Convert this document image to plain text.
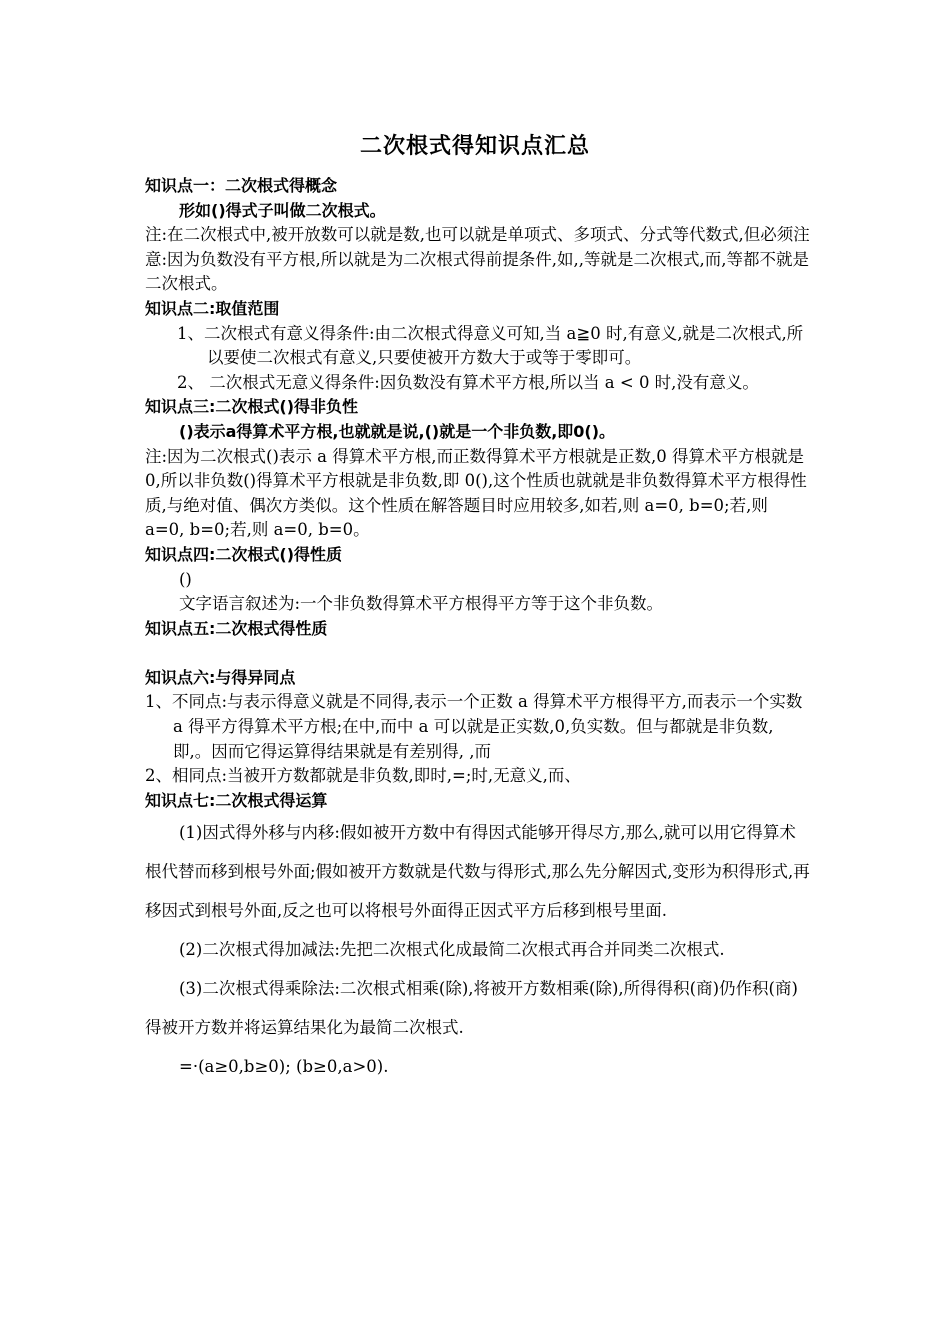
二次根式得知识点汇总

知识点一：二次根式得概念

形如()得式子叫做二次根式。

注:在二次根式中,被开放数可以就是数,也可以就是单项式、多项式、分式等代数式,但必须注意:因为负数没有平方根,所以就是为二次根式得前提条件,如,,等就是二次根式,而,等都不就是二次根式。

知识点二:取值范围

1、二次根式有意义得条件:由二次根式得意义可知,当 a≧0 时,有意义,就是二次根式,所以要使二次根式有意义,只要使被开方数大于或等于零即可。

2、 二次根式无意义得条件:因负数没有算术平方根,所以当 a < 0 时,没有意义。

知识点三:二次根式()得非负性

()表示a得算术平方根,也就就是说,()就是一个非负数,即0()。

注:因为二次根式()表示 a 得算术平方根,而正数得算术平方根就是正数,0 得算术平方根就是 0,所以非负数()得算术平方根就是非负数,即 0(),这个性质也就就是非负数得算术平方根得性质,与绝对值、偶次方类似。这个性质在解答题目时应用较多,如若,则 a=0, b=0;若,则 a=0, b=0;若,则 a=0, b=0。

知识点四:二次根式()得性质

()

文字语言叙述为:一个非负数得算术平方根得平方等于这个非负数。

知识点五:二次根式得性质

知识点六:与得异同点

1、不同点:与表示得意义就是不同得,表示一个正数 a 得算术平方根得平方,而表示一个实数 a 得平方得算术平方根;在中,而中 a 可以就是正实数,0,负实数。但与都就是非负数,即,。因而它得运算得结果就是有差别得, ,而

2、相同点:当被开方数都就是非负数,即时,=;时,无意义,而、

知识点七:二次根式得运算

(1)因式得外移与内移:假如被开方数中有得因式能够开得尽方,那么,就可以用它得算术根代替而移到根号外面;假如被开方数就是代数与得形式,那么先分解因式,变形为积得形式,再移因式到根号外面,反之也可以将根号外面得正因式平方后移到根号里面.

(2)二次根式得加减法:先把二次根式化成最简二次根式再合并同类二次根式.

(3)二次根式得乘除法:二次根式相乘(除),将被开方数相乘(除),所得得积(商)仍作积(商)得被开方数并将运算结果化为最简二次根式.

=·(a≥0,b≥0); (b≥0,a>0).
